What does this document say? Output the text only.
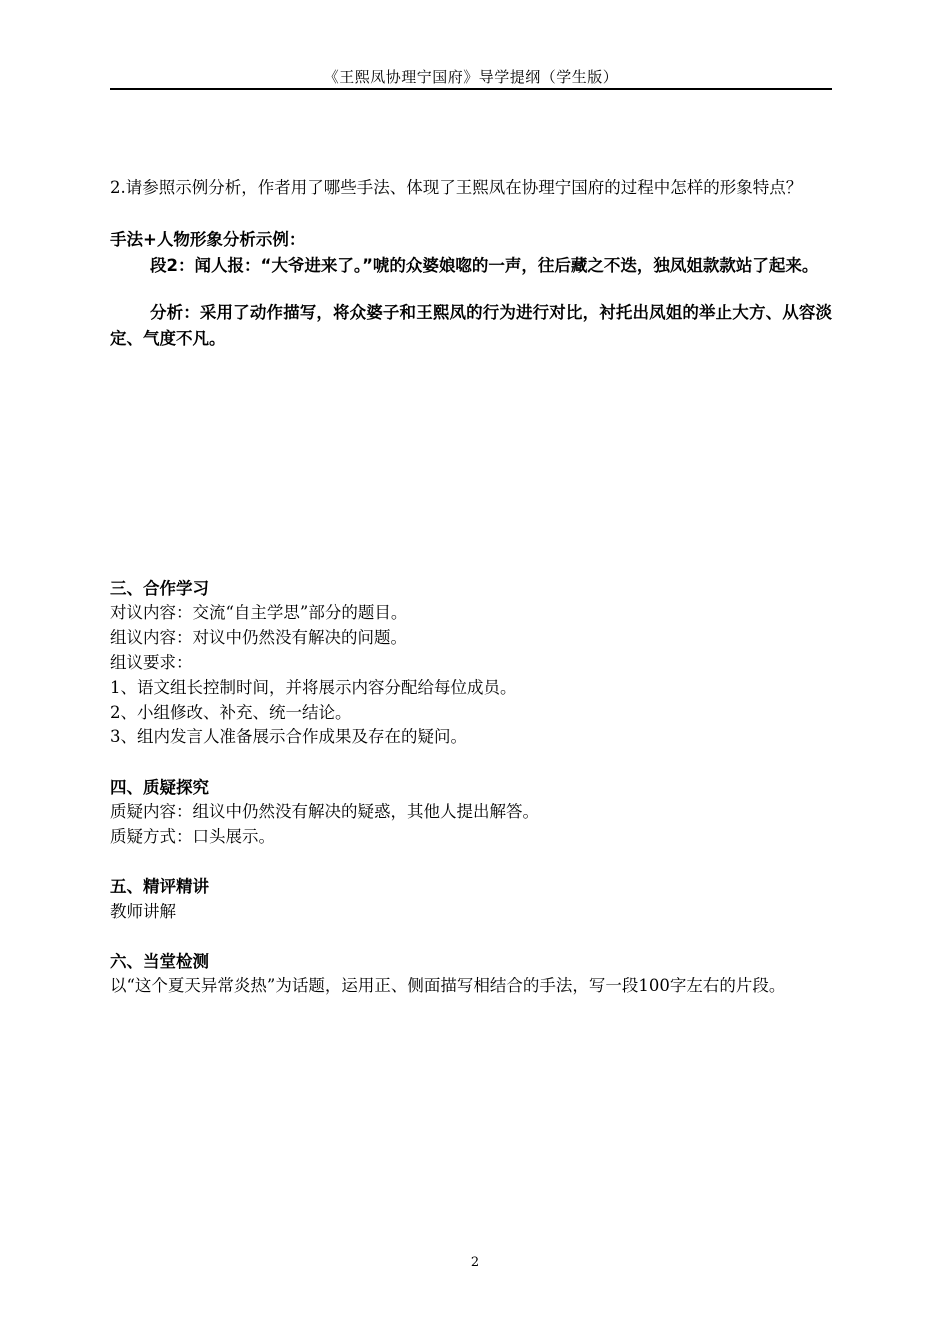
《王熙凤协理宁国府》导学提纲（学生版）
2.请参照示例分析，作者用了哪些手法、体现了王熙凤在协理宁国府的过程中怎样的形象特点？
手法+人物形象分析示例：
段2：闻人报：“大爷进来了。”唬的众婆娘唿的一声，往后藏之不迭，独凤姐款款站了起来。
分析：采用了动作描写，将众婆子和王熙凤的行为进行对比，衬托出凤姐的举止大方、从容淡定、气度不凡。
三、合作学习
对议内容：交流“自主学思”部分的题目。
组议内容：对议中仍然没有解决的问题。
组议要求：
1、语文组长控制时间，并将展示内容分配给每位成员。
2、小组修改、补充、统一结论。
3、组内发言人准备展示合作成果及存在的疑问。
四、质疑探究
质疑内容：组议中仍然没有解决的疑惑，其他人提出解答。
质疑方式：口头展示。
五、精评精讲
教师讲解
六、当堂检测
以“这个夏天异常炎热”为话题，运用正、侧面描写相结合的手法，写一段100字左右的片段。
2
